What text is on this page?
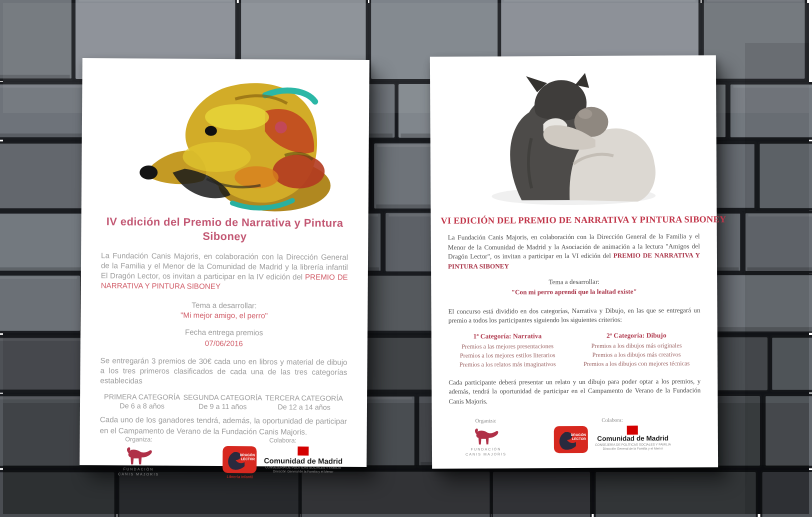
IV edición del Premio de Narrativa y Pintura Siboney

La Fundación Canis Majoris, en colaboración con la Dirección General de la Familia y el Menor de la Comunidad de Madrid y la librería infantil El Dragón Lector, os invitan a participar en la IV edición del PREMIO DE NARRATIVA Y PINTURA SIBONEY

Tema a desarrollar:
"Mi mejor amigo, el perro"
Fecha entrega premios
07/06/2016

Se entregarán 3 premios de 30€ cada uno en libros y material de dibujo a los tres primeros clasificados de cada una de las tres categorías establecidas

PRIMERA CATEGORÍA
De 6 a 8 años
SEGUNDA CATEGORÍA
De 9 a 11 años
TERCERA CATEGORÍA
De 12 a 14 años

Cada uno de los ganadores tendrá, además, la oportunidad de participar en el Campamento de Verano de la Fundación Canis Majoris.

Organiza:
FUNDACIÓN
CANIS MAJORIS
Colabora:
DRAGÓN
LECTOR
Librería infantil
Comunidad de Madrid
CONSEJERÍA DE POLÍTICAS SOCIALES Y FAMILIA
Dirección General de la Familia y el Menor
VI EDICIÓN DEL PREMIO DE NARRATIVA Y PINTURA SIBONEY

La Fundación Canis Majoris, en colaboración con la Dirección General de la Familia y el Menor de la Comunidad de Madrid y la Asociación de animación a la lectura "Amigos del Dragón Lector", os invitan a participar en la VI edición del PREMIO DE NARRATIVA Y PINTURA SIBONEY

Tema a desarrollar:
"Con mi perro aprendí que la lealtad existe"

El concurso está dividido en dos categorías, Narrativa y Dibujo, en las que se entregará un premio a todos los participantes siguiendo los siguientes criterios:

1ª Categoría: Narrativa
Premios a las mejores presentaciones
Premios a los mejores estilos literarios
Premios a los relatos más imaginativos
2ª Categoría: Dibujo
Premios a los dibujos más originales
Premios a los dibujos más creativos
Premios a los dibujos con mejores técnicas

Cada participante deberá presentar un relato y un dibujo para poder optar a los premios, y además, tendrá la oportunidad de participar en el Campamento de Verano de la Fundación Canis Majoris.

Organiza:
FUNDACIÓN
CANIS MAJORIS
Colabora:
DRAGÓN
LECTOR Comunidad de Madrid
CONSEJERÍA DE POLÍTICAS SOCIALES Y FAMILIA
Dirección General de la Familia y el Menor
